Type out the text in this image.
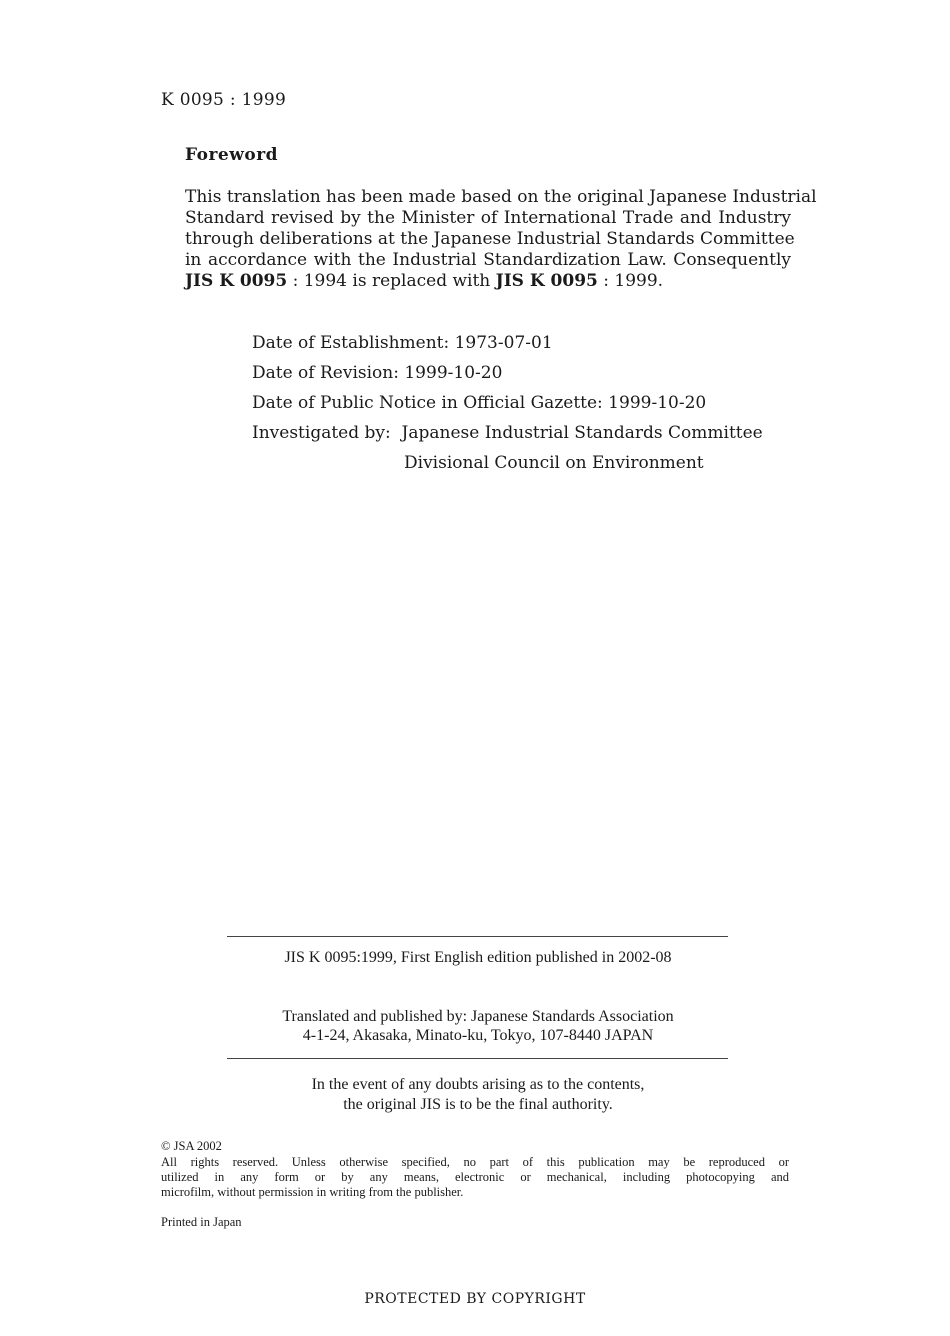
K 0095 : 1999
Foreword
This translation has been made based on the original Japanese Industrial
Standard revised by the Minister of International Trade and Industry
through deliberations at the Japanese Industrial Standards Committee
in accordance with the Industrial Standardization Law. Consequently
JIS K 0095 : 1994 is replaced with JIS K 0095 : 1999.
Date of Establishment: 1973-07-01
Date of Revision: 1999-10-20
Date of Public Notice in Official Gazette: 1999-10-20
Investigated by: Japanese Industrial Standards Committee
Divisional Council on Environment
JIS K 0095:1999, First English edition published in 2002-08
Translated and published by: Japanese Standards Association
4-1-24, Akasaka, Minato-ku, Tokyo, 107-8440 JAPAN
In the event of any doubts arising as to the contents,
the original JIS is to be the final authority.
© JSA 2002
All rights reserved. Unless otherwise specified, no part of this publication may be reproduced or
utilized in any form or by any means, electronic or mechanical, including photocopying and
microfilm, without permission in writing from the publisher.
Printed in Japan
PROTECTED BY COPYRIGHT
